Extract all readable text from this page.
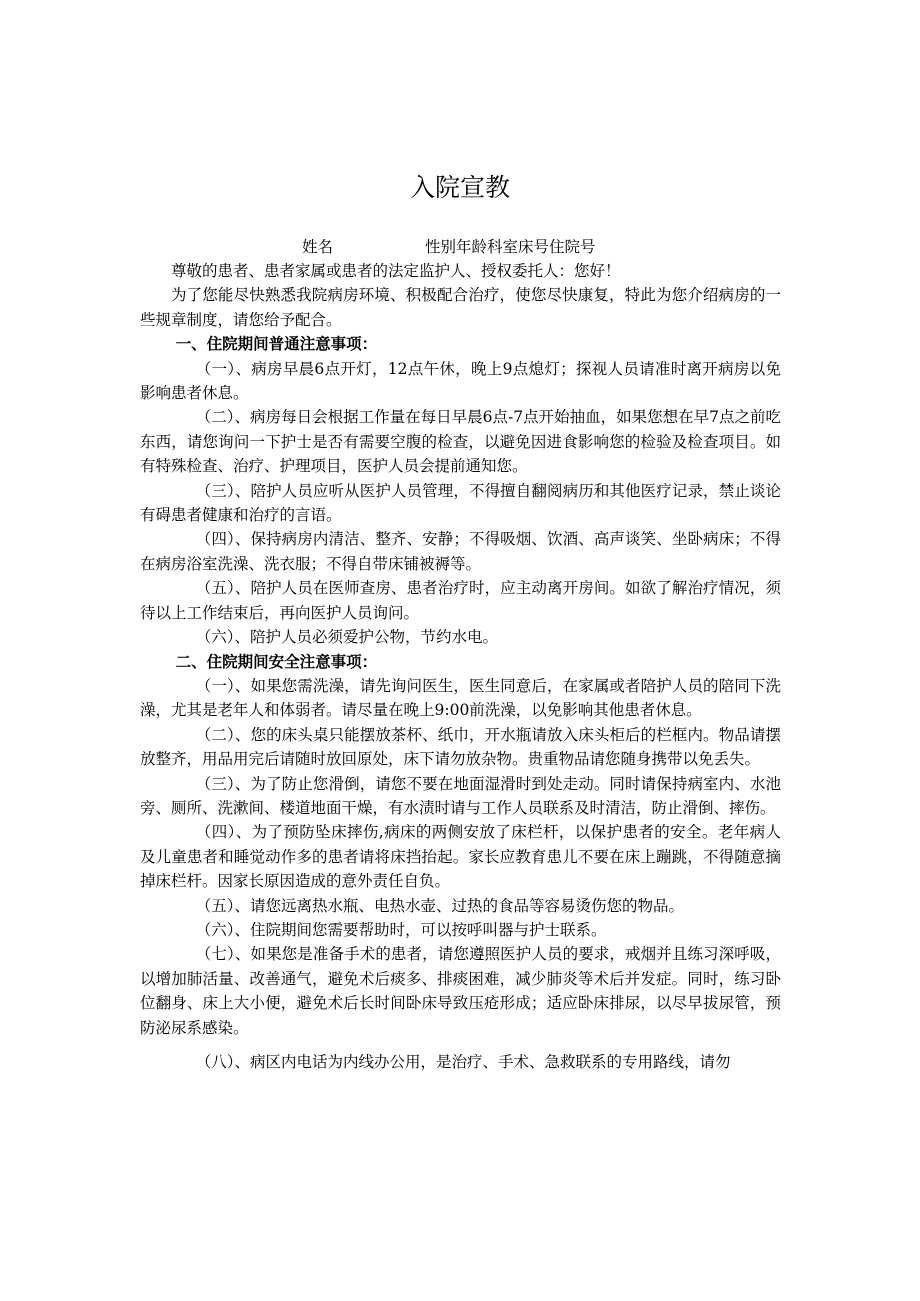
入院宣教
姓名	性别年龄科室床号住院号

尊敬的患者、患者家属或患者的法定监护人、授权委托人：您好！

为了您能尽快熟悉我院病房环境、积极配合治疗，使您尽快康复，特此为您介绍病房的一些规章制度，请您给予配合。

一、住院期间普通注意事项：

（一）、病房早晨6点开灯，12点午休，晚上9点熄灯；探视人员请准时离开病房以免影响患者休息。

（二）、病房每日会根据工作量在每日早晨6点-7点开始抽血，如果您想在早7点之前吃东西，请您询问一下护士是否有需要空腹的检查，以避免因进食影响您的检验及检查项目。如有特殊检查、治疗、护理项目，医护人员会提前通知您。

（三）、陪护人员应听从医护人员管理，不得擅自翻阅病历和其他医疗记录，禁止谈论有碍患者健康和治疗的言语。

（四）、保持病房内清洁、整齐、安静；不得吸烟、饮酒、高声谈笑、坐卧病床；不得在病房浴室洗澡、洗衣服；不得自带床铺被褥等。

（五）、陪护人员在医师查房、患者治疗时，应主动离开房间。如欲了解治疗情况，须待以上工作结束后，再向医护人员询问。

（六）、陪护人员必须爱护公物，节约水电。

二、住院期间安全注意事项：

（一）、如果您需洗澡，请先询问医生，医生同意后，在家属或者陪护人员的陪同下洗澡，尤其是老年人和体弱者。请尽量在晚上9:00前洗澡，以免影响其他患者休息。

（二）、您的床头桌只能摆放茶杯、纸巾，开水瓶请放入床头柜后的栏框内。物品请摆放整齐，用品用完后请随时放回原处，床下请勿放杂物。贵重物品请您随身携带以免丢失。

（三）、为了防止您滑倒，请您不要在地面湿滑时到处走动。同时请保持病室内、水池旁、厕所、洗漱间、楼道地面干燥，有水渍时请与工作人员联系及时清洁，防止滑倒、摔伤。

（四）、为了预防坠床摔伤,病床的两侧安放了床栏杆，以保护患者的安全。老年病人及儿童患者和睡觉动作多的患者请将床挡抬起。家长应教育患儿不要在床上蹦跳，不得随意摘掉床栏杆。因家长原因造成的意外责任自负。

（五）、请您远离热水瓶、电热水壶、过热的食品等容易烫伤您的物品。

（六）、住院期间您需要帮助时，可以按呼叫器与护士联系。

（七）、如果您是准备手术的患者，请您遵照医护人员的要求，戒烟并且练习深呼吸，以增加肺活量、改善通气，避免术后痰多、排痰困难，减少肺炎等术后并发症。同时，练习卧位翻身、床上大小便，避免术后长时间卧床导致压疮形成；适应卧床排尿，以尽早拔尿管，预防泌尿系感染。

（八）、病区内电话为内线办公用，是治疗、手术、急救联系的专用路线，请勿
